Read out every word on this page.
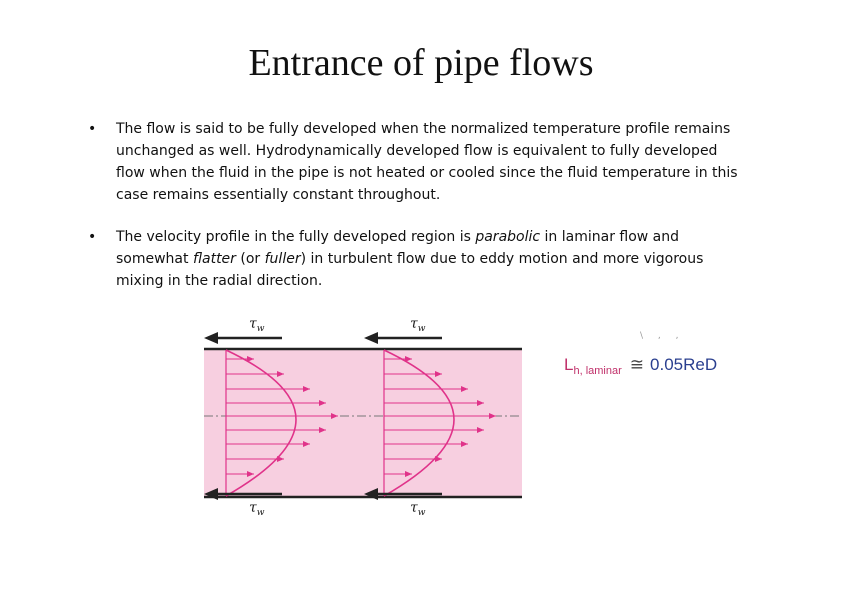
Entrance of pipe flows
• The flow is said to be fully developed when the normalized temperature profile remains unchanged as well. Hydrodynamically developed flow is equivalent to fully developed flow when the fluid in the pipe is not heated or cooled since the fluid temperature in this case remains essentially constant throughout.
• The velocity profile in the fully developed region is parabolic in laminar flow and somewhat flatter (or fuller) in turbulent flow due to eddy motion and more vigorous mixing in the radial direction.
$\tau_w$	$\tau_w$
$\tau_w$	$\tau_w$
\ , ,
$L_{h, laminar}$ ≅ 0.05ReD
